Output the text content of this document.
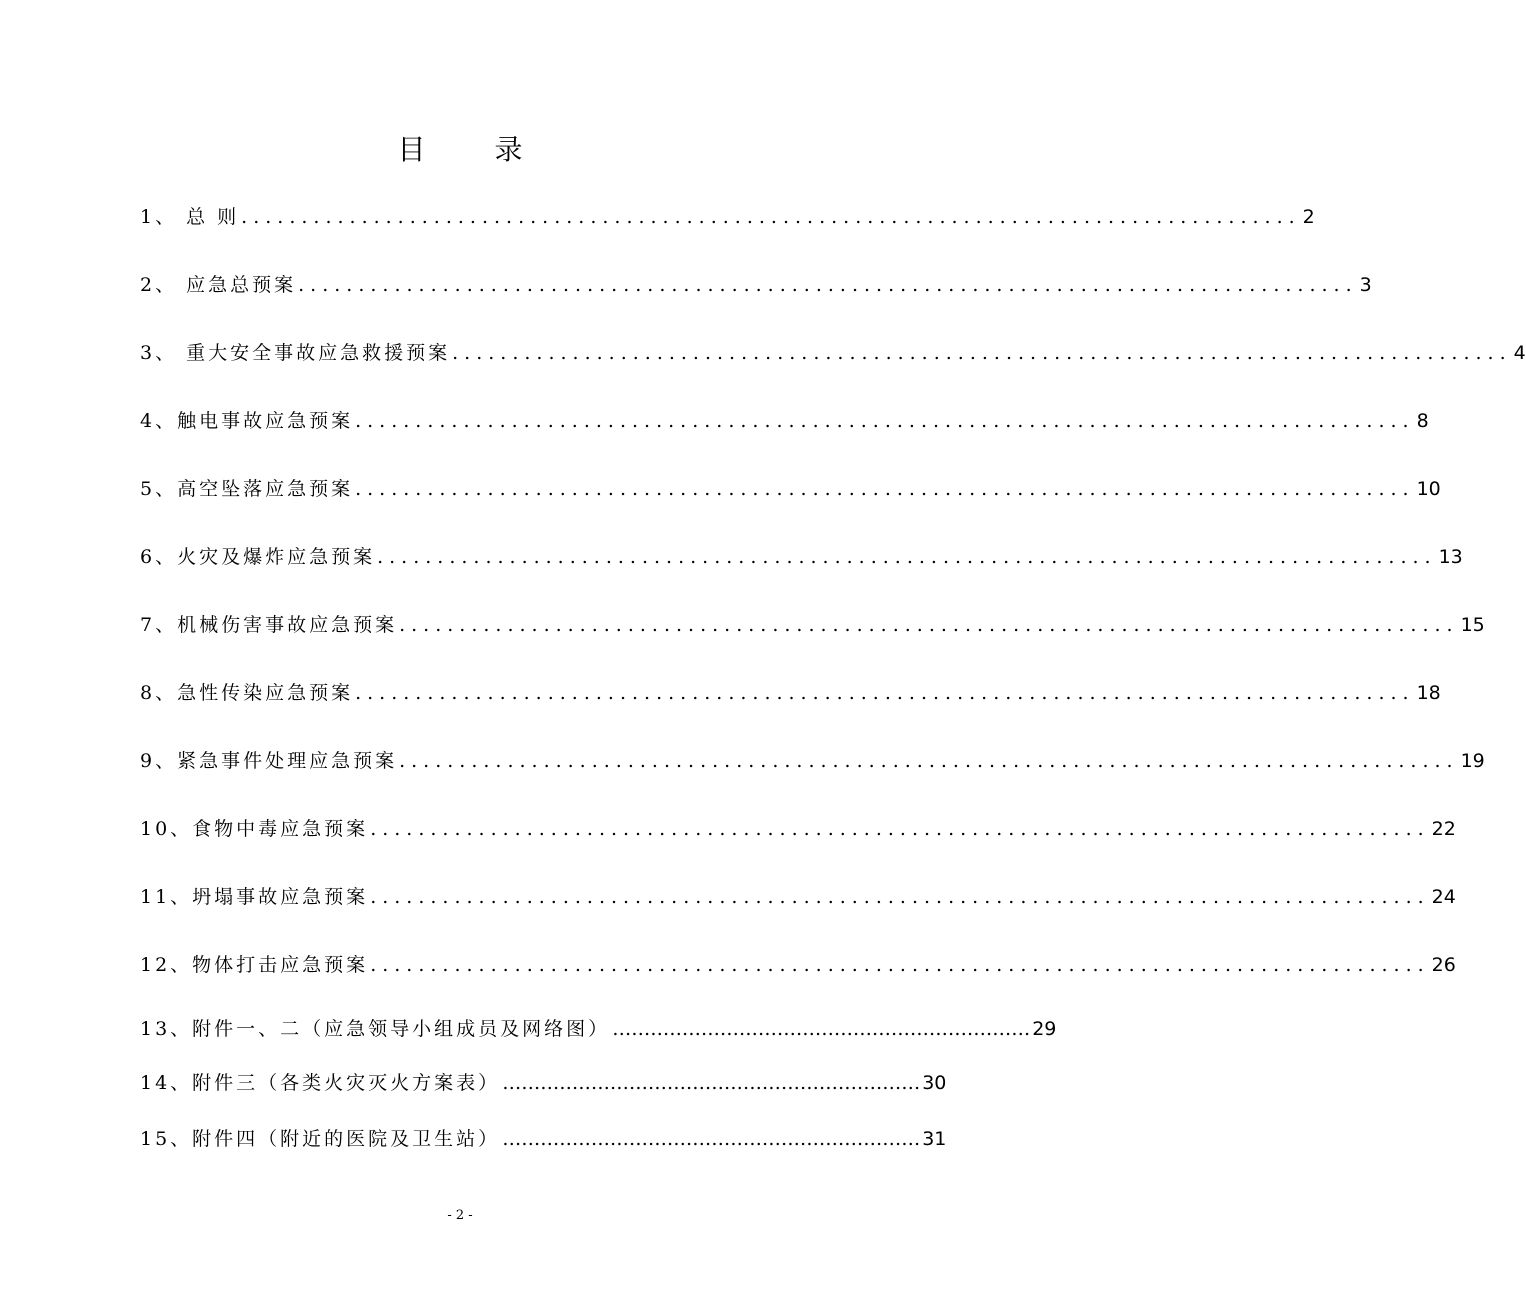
目 录
1、 总 则 ........................................................................................ 2
2、 应急总预案 ........................................................................................ 3
3、 重大安全事故应急救援预案 ........................................................................................ 4
4、触电事故应急预案 ........................................................................................ 8
5、高空坠落应急预案 ........................................................................................ 10
6、火灾及爆炸应急预案 ........................................................................................ 13
7、机械伤害事故应急预案 ........................................................................................ 15
8、急性传染应急预案 ........................................................................................ 18
9、紧急事件处理应急预案 ........................................................................................ 19
10、食物中毒应急预案 ........................................................................................ 22
11、坍塌事故应急预案 ........................................................................................ 24
12、物体打击应急预案 ........................................................................................ 26
13、附件一、二（应急领导小组成员及网络图） ………………………………………………………… 29
14、附件三（各类火灾灭火方案表） ………………………………………………………… 30
15、附件四（附近的医院及卫生站） ………………………………………………………… 31
- 2 -
